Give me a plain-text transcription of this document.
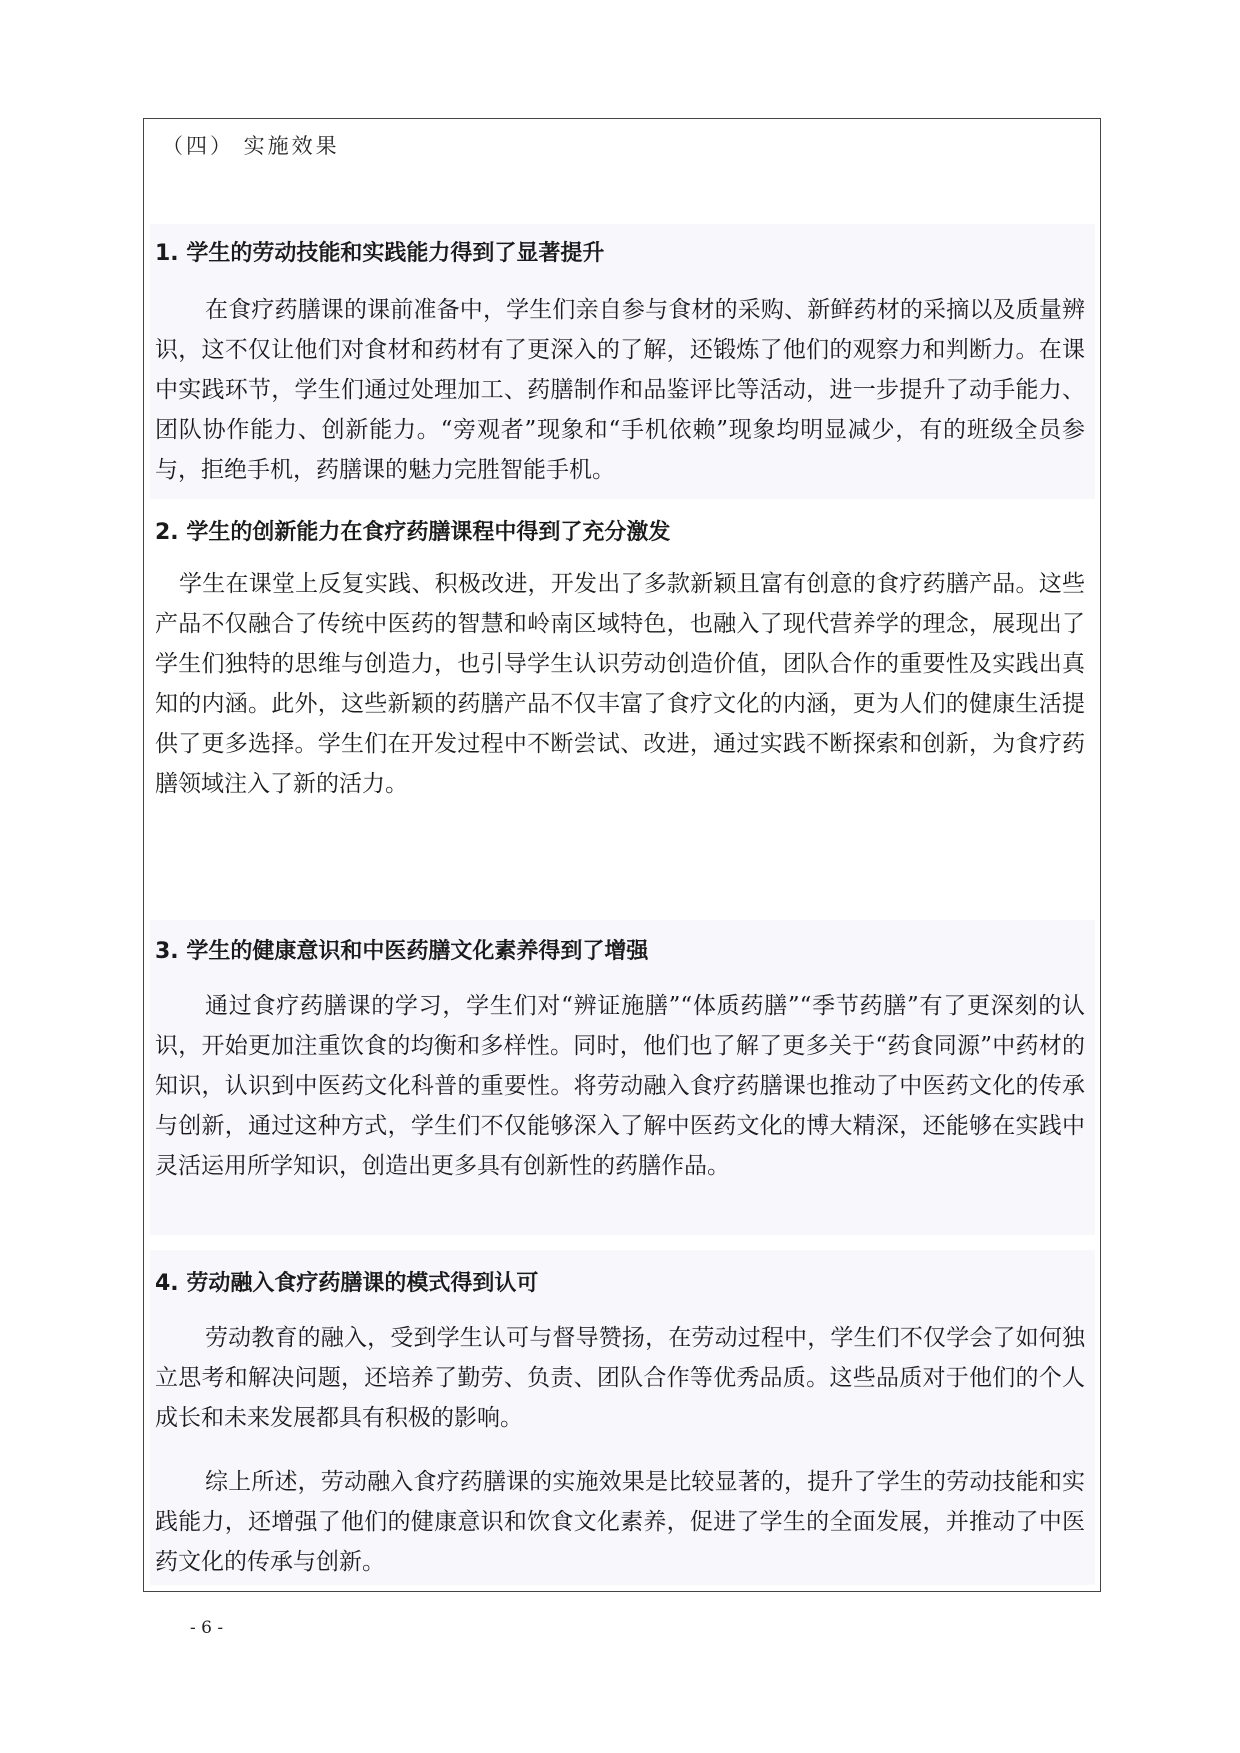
（四） 实施效果
1. 学生的劳动技能和实践能力得到了显著提升
在食疗药膳课的课前准备中，学生们亲自参与食材的采购、新鲜药材的采摘以及质量辨识，这不仅让他们对食材和药材有了更深入的了解，还锻炼了他们的观察力和判断力。在课中实践环节，学生们通过处理加工、药膳制作和品鉴评比等活动，进一步提升了动手能力、团队协作能力、创新能力。“旁观者”现象和“手机依赖”现象均明显减少，有的班级全员参与，拒绝手机，药膳课的魅力完胜智能手机。
2. 学生的创新能力在食疗药膳课程中得到了充分激发
学生在课堂上反复实践、积极改进，开发出了多款新颖且富有创意的食疗药膳产品。这些产品不仅融合了传统中医药的智慧和岭南区域特色，也融入了现代营养学的理念，展现出了学生们独特的思维与创造力，也引导学生认识劳动创造价值，团队合作的重要性及实践出真知的内涵。此外，这些新颖的药膳产品不仅丰富了食疗文化的内涵，更为人们的健康生活提供了更多选择。学生们在开发过程中不断尝试、改进，通过实践不断探索和创新，为食疗药膳领域注入了新的活力。
3. 学生的健康意识和中医药膳文化素养得到了增强
通过食疗药膳课的学习，学生们对“辨证施膳”“体质药膳”“季节药膳”有了更深刻的认识，开始更加注重饮食的均衡和多样性。同时，他们也了解了更多关于“药食同源”中药材的知识，认识到中医药文化科普的重要性。将劳动融入食疗药膳课也推动了中医药文化的传承与创新，通过这种方式，学生们不仅能够深入了解中医药文化的博大精深，还能够在实践中灵活运用所学知识，创造出更多具有创新性的药膳作品。
4. 劳动融入食疗药膳课的模式得到认可
劳动教育的融入，受到学生认可与督导赞扬，在劳动过程中，学生们不仅学会了如何独立思考和解决问题，还培养了勤劳、负责、团队合作等优秀品质。这些品质对于他们的个人成长和未来发展都具有积极的影响。
综上所述，劳动融入食疗药膳课的实施效果是比较显著的，提升了学生的劳动技能和实践能力，还增强了他们的健康意识和饮食文化素养，促进了学生的全面发展，并推动了中医药文化的传承与创新。
- 6 -
